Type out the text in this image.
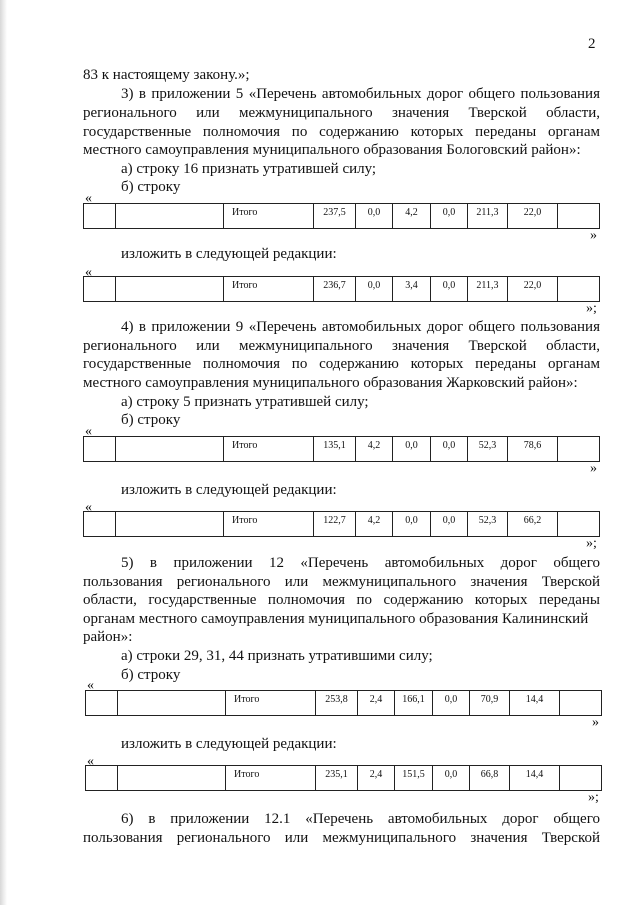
2
83 к настоящему закону.»;
3) в приложении 5 «Перечень автомобильных дорог общего пользования
регионального или межмуниципального значения Тверской области,
государственные полномочия по содержанию которых переданы органам
местного самоуправления муниципального образования Бологовский район»:
а) строку 16 признать утратившей силу;
б) строку
«
		Итого	237,5	0,0	4,2	0,0	211,3	22,0	
»
изложить в следующей редакции:
«
		Итого	236,7	0,0	3,4	0,0	211,3	22,0	
»;
4) в приложении 9 «Перечень автомобильных дорог общего пользования
регионального или межмуниципального значения Тверской области,
государственные полномочия по содержанию которых переданы органам
местного самоуправления муниципального образования Жарковский район»:
а) строку 5 признать утратившей силу;
б) строку
«
		Итого	135,1	4,2	0,0	0,0	52,3	78,6	
»
изложить в следующей редакции:
«
		Итого	122,7	4,2	0,0	0,0	52,3	66,2	
»;
5) в приложении 12 «Перечень автомобильных дорог общего
пользования регионального или межмуниципального значения Тверской
области, государственные полномочия по содержанию которых переданы
органам местного самоуправления муниципального образования Калининский
район»:
а) строки 29, 31, 44 признать утратившими силу;
б) строку
«
		Итого	253,8	2,4	166,1	0,0	70,9	14,4	
»
изложить в следующей редакции:
«
		Итого	235,1	2,4	151,5	0,0	66,8	14,4	
»;
6) в приложении 12.1 «Перечень автомобильных дорог общего
пользования регионального или межмуниципального значения Тверской
